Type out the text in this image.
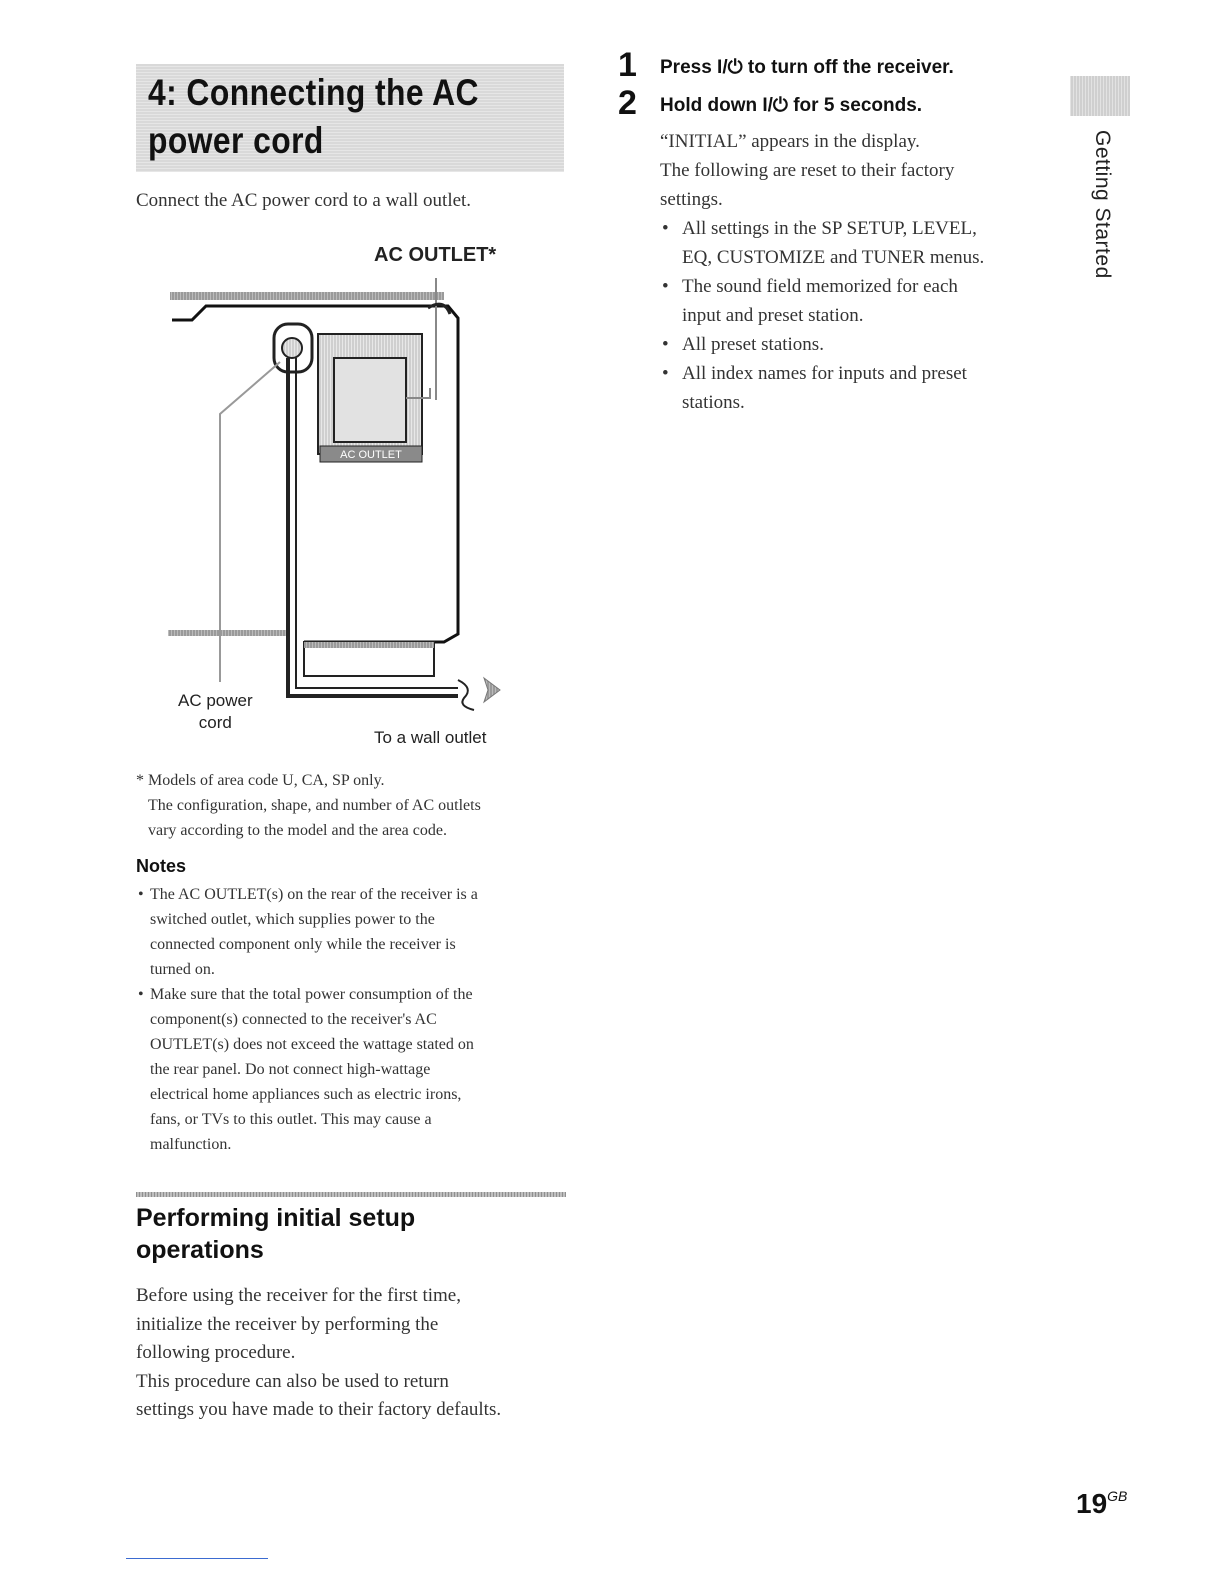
4: Connecting the AC
power cord
Connect the AC power cord to a wall outlet.
AC OUTLET
AC OUTLET*
AC power
cord
To a wall outlet
* Models of area code U, CA, SP only.
The configuration, shape, and number of AC outlets
vary according to the model and the area code.
Notes
• The AC OUTLET(s) on the rear of the receiver is a
switched outlet, which supplies power to the
connected component only while the receiver is
turned on.
• Make sure that the total power consumption of the
component(s) connected to the receiver's AC
OUTLET(s) does not exceed the wattage stated on
the rear panel. Do not connect high-wattage
electrical home appliances such as electric irons,
fans, or TVs to this outlet. This may cause a
malfunction.
Performing initial setup
operations
Before using the receiver for the first time,
initialize the receiver by performing the
following procedure.
This procedure can also be used to return
settings you have made to their factory defaults.
1 Press I/⏻ to turn off the receiver.
2 Hold down I/⏻ for 5 seconds.
“INITIAL” appears in the display.
The following are reset to their factory
settings.
• All settings in the SP SETUP, LEVEL,
EQ, CUSTOMIZE and TUNER menus.
• The sound field memorized for each
input and preset station.
• All preset stations.
• All index names for inputs and preset
stations.
Getting Started
$19^{GB}$
